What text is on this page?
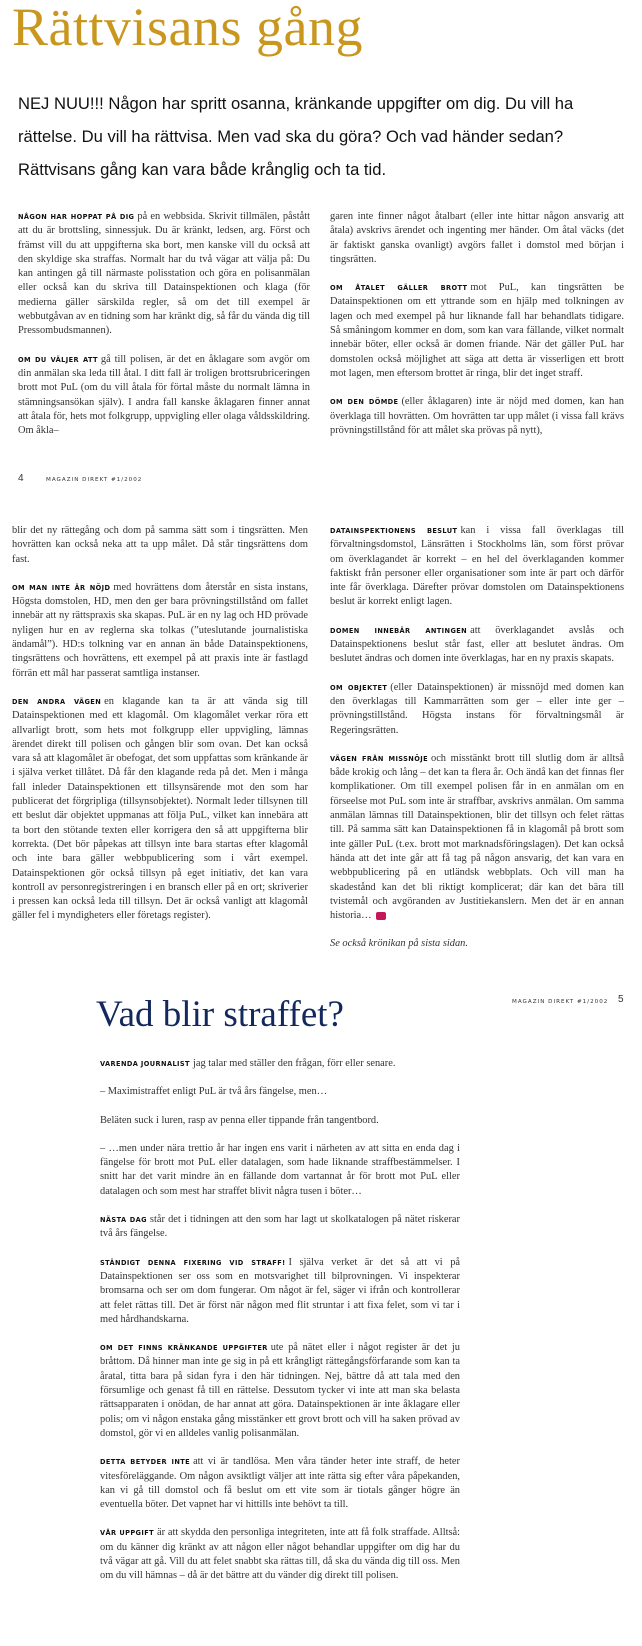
Rättvisans gång

NEJ NUU!!! Någon har spritt osanna, kränkande uppgifter om dig. Du vill ha rättelse. Du vill ha rättvisa. Men vad ska du göra? Och vad händer sedan? Rättvisans gång kan vara både krånglig och ta tid.

NÅGON HAR HOPPAT PÅ DIG på en webbsida. Skrivit tillmälen, påstått att du är brottsling, sinnessjuk. Du är kränkt, ledsen, arg. Först och främst vill du att uppgifterna ska bort, men kanske vill du också att den skyldige ska straffas. Normalt har du två vägar att välja på: Du kan antingen gå till närmaste polisstation och göra en polisanmälan eller också kan du skriva till Datainspektionen och klaga (för medierna gäller särskilda regler, så om det till exempel är webbutgåvan av en tidning som har kränkt dig, så får du vända dig till Pressombudsmannen).

OM DU VÄLJER ATT gå till polisen, är det en åklagare som avgör om din anmälan ska leda till åtal. I ditt fall är troligen brottsrubriceringen brott mot PuL (om du vill åtala för förtal måste du normalt lämna in stämningsansökan själv). I andra fall kanske åklagaren finner annat att åtala för, hets mot folkgrupp, uppvigling eller olaga våldsskildring. Om åkla–

garen inte finner något åtalbart (eller inte hittar någon ansvarig att åtala) avskrivs ärendet och ingenting mer händer. Om åtal väcks (det är faktiskt ganska ovanligt) avgörs fallet i domstol med början i tingsrätten.

OM ÅTALET GÄLLER BROTT mot PuL, kan tingsrätten be Datainspektionen om ett yttrande som en hjälp med tolkningen av lagen och med exempel på hur liknande fall har behandlats tidigare. Så småningom kommer en dom, som kan vara fällande, vilket normalt innebär böter, eller också är domen friande. När det gäller PuL har domstolen också möjlighet att säga att detta är visserligen ett brott mot lagen, men eftersom brottet är ringa, blir det inget straff.

OM DEN DÖMDE (eller åklagaren) inte är nöjd med domen, kan han överklaga till hovrätten. Om hovrätten tar upp målet (i vissa fall krävs prövningstillstånd för att målet ska prövas på nytt),

4	MAGAZIN DIREKT #1/2002

blir det ny rättegång och dom på samma sätt som i tingsrätten. Men hovrätten kan också neka att ta upp målet. Då står tingsrättens dom fast.

OM MAN INTE ÄR NÖJD med hovrättens dom återstår en sista instans, Högsta domstolen, HD, men den ger bara prövningstillstånd om fallet innebär att ny rättspraxis ska skapas. PuL är en ny lag och HD prövade nyligen hur en av reglerna ska tolkas (”uteslutande journalistiska ändamål”). HD:s tolkning var en annan än både Datainspektionens, tingsrättens och hovrättens, ett exempel på att praxis inte är fastlagd förrän ett mål har passerat samtliga instanser.

DEN ANDRA VÄGEN en klagande kan ta är att vända sig till Datainspektionen med ett klagomål. Om klagomålet verkar röra ett allvarligt brott, som hets mot folkgrupp eller uppvigling, lämnas ärendet direkt till polisen och gången blir som ovan. Det kan också vara så att klagomålet är obefogat, det som uppfattas som kränkande är i själva verket tillåtet. Då får den klagande reda på det. Men i många fall inleder Datainspektionen ett tillsynsärende mot den som har publicerat det förgripliga (tillsynsobjektet). Normalt leder tillsynen till ett beslut där objektet uppmanas att följa PuL, vilket kan innebära att ta bort den stötande texten eller korrigera den så att uppgifterna blir korrekta. (Det bör påpekas att tillsyn inte bara startas efter klagomål och inte bara gäller webbpublicering som i vårt exempel. Datainspektionen gör också tillsyn på eget initiativ, det kan vara kontroll av personregistreringen i en bransch eller på en ort; skriverier i pressen kan också leda till tillsyn. Det är också vanligt att klagomål gäller fel i myndigheters eller företags register).

DATAINSPEKTIONENS BESLUT kan i vissa fall överklagas till förvaltningsdomstol, Länsrätten i Stockholms län, som först prövar om överklagandet är korrekt – en hel del överklaganden kommer faktiskt från personer eller organisationer som inte är part och därför inte får överklaga. Därefter prövar domstolen om Datainspektionens beslut är korrekt enligt lagen.

DOMEN INNEBÄR ANTINGEN att överklagandet avslås och Datainspektionens beslut står fast, eller att beslutet ändras. Om beslutet ändras och domen inte överklagas, har en ny praxis skapats.

OM OBJEKTET (eller Datainspektionen) är missnöjd med domen kan den överklagas till Kammarrätten som ger – eller inte ger – prövningstillstånd. Högsta instans för förvaltningsmål är Regeringsrätten.

VÄGEN FRÅN MISSNÖJE och misstänkt brott till slutlig dom är alltså både krokig och lång – det kan ta flera år. Och ändå kan det finnas fler komplikationer. Om till exempel polisen får in en anmälan om en förseelse mot PuL som inte är straffbar, avskrivs anmälan. Om samma anmälan lämnas till Datainspektionen, blir det tillsyn och felet rättas till. På samma sätt kan Datainspektionen få in klagomål på brott som inte gäller PuL (t.ex. brott mot marknadsföringslagen). Det kan också hända att det inte går att få tag på någon ansvarig, det kan vara en webbpublicering på en utländsk webbplats. Och vill man ha skadestånd kan det bli riktigt komplicerat; där kan det bära till tvistemål och avgöranden av Justitiekanslern. Men det är en annan historia…

Se också krönikan på sista sidan.

MAGAZIN DIREKT #1/2002 5
Vad blir straffet?

VARENDA JOURNALIST jag talar med ställer den frågan, förr eller senare.

– Maximistraffet enligt PuL är två års fängelse, men…

Beläten suck i luren, rasp av penna eller tippande från tangentbord.

– …men under nära trettio år har ingen ens varit i närheten av att sitta en enda dag i fängelse för brott mot PuL eller datalagen, som hade liknande straffbestämmelser. I snitt har det varit mindre än en fällande dom vartannat år för brott mot PuL eller datalagen och som mest har straffet blivit några tusen i böter…

NÄSTA DAG står det i tidningen att den som har lagt ut skolkatalogen på nätet riskerar två års fängelse.

STÄNDIGT DENNA FIXERING VID STRAFF! I själva verket är det så att vi på Datainspektionen ser oss som en motsvarighet till bilprovningen. Vi inspekterar bromsarna och ser om dom fungerar. Om något är fel, säger vi ifrån och kontrollerar att felet rättas till. Det är först när någon med flit struntar i att fixa felet, som vi tar i med hårdhandskarna.

OM DET FINNS KRÄNKANDE UPPGIFTER ute på nätet eller i något register är det ju bråttom. Då hinner man inte ge sig in på ett krångligt rättegångsförfarande som kan ta åratal, titta bara på sidan fyra i den här tidningen. Nej, bättre då att tala med den försumlige och genast få till en rättelse. Dessutom tycker vi inte att man ska belasta rättsapparaten i onödan, de har annat att göra. Datainspektionen är inte åklagare eller polis; om vi någon enstaka gång misstänker ett grovt brott och vill ha saken prövad av domstol, gör vi en alldeles vanlig polisanmälan.

DETTA BETYDER INTE att vi är tandlösa. Men våra tänder heter inte straff, de heter vitesföreläggande. Om någon avsiktligt väljer att inte rätta sig efter våra påpekanden, kan vi gå till domstol och få beslut om ett vite som är tiotals gånger högre än eventuella böter. Det vapnet har vi hittills inte behövt ta till.

VÅR UPPGIFT är att skydda den personliga integriteten, inte att få folk straffade. Alltså: om du känner dig kränkt av att någon eller något behandlar uppgifter om dig har du två vägar att gå. Vill du att felet snabbt ska rättas till, då ska du vända dig till oss. Men om du vill hämnas – då är det bättre att du vänder dig direkt till polisen.
